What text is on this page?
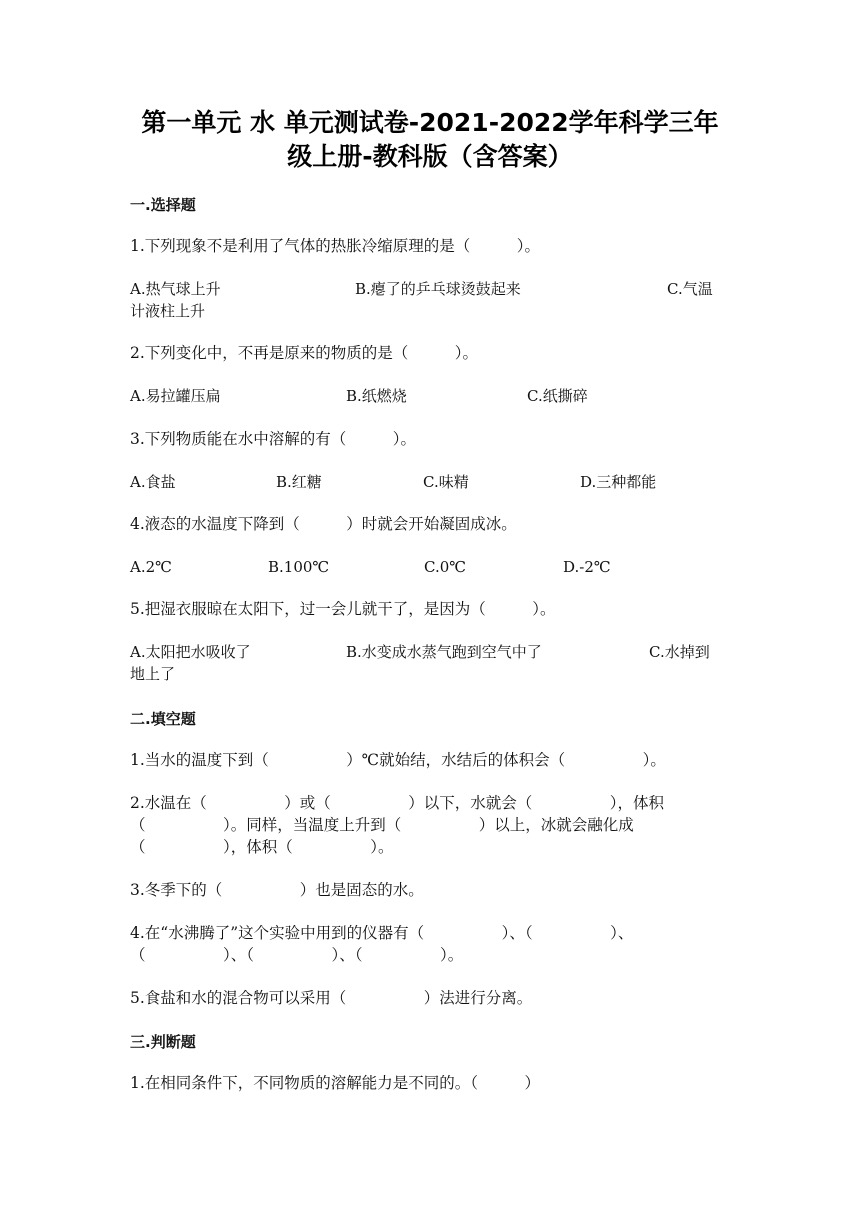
第一单元 水 单元测试卷-2021-2022学年科学三年
级上册-教科版（含答案）
一.选择题
1.下列现象不是利用了气体的热胀冷缩原理的是（　　　）。
A.热气球上升	B.瘪了的乒乓球烫鼓起来	C.气温
计液柱上升
2.下列变化中，不再是原来的物质的是（　　　）。
A.易拉罐压扁	B.纸燃烧	C.纸撕碎
3.下列物质能在水中溶解的有（　　　）。
A.食盐	B.红糖	C.味精	D.三种都能
4.液态的水温度下降到（　　　）时就会开始凝固成冰。
A.2℃	B.100℃	C.0℃	D.-2℃
5.把湿衣服晾在太阳下，过一会儿就干了，是因为（　　　）。
A.太阳把水吸收了	B.水变成水蒸气跑到空气中了	C.水掉到
地上了
二.填空题
1.当水的温度下到（　　　　　）℃就始结，水结后的体积会（　　　　　）。
2.水温在（　　　　　）或（　　　　　）以下，水就会（　　　　　），体积
（　　　　　）。同样，当温度上升到（　　　　　）以上，冰就会融化成
（　　　　　），体积（　　　　　）。
3.冬季下的（　　　　　）也是固态的水。
4.在“水沸腾了”这个实验中用到的仪器有（　　　　　）、（　　　　　）、
（　　　　　）、（　　　　　）、（　　　　　）。
5.食盐和水的混合物可以采用（　　　　　）法进行分离。
三.判断题
1.在相同条件下，不同物质的溶解能力是不同的。（　　　）
